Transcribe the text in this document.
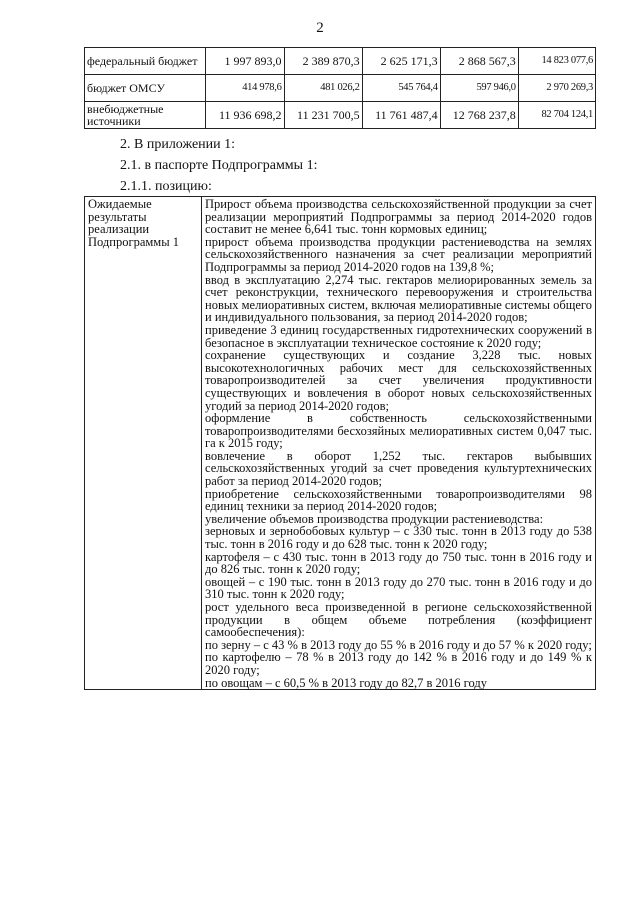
2
федеральный бюджет	1 997 893,0	2 389 870,3	2 625 171,3	2 868 567,3	14 823 077,6
бюджет ОМСУ	414 978,6	481 026,2	545 764,4	597 946,0	2 970 269,3
внебюджетные источники	11 936 698,2	11 231 700,5	11 761 487,4	12 768 237,8	82 704 124,1
2. В приложении 1:
2.1. в паспорте Подпрограммы 1:
2.1.1. позицию:
Ожидаемые результаты реализации Подпрограммы 1	

Прирост объема производства сельскохозяйственной продукции за счет реализации мероприятий Подпрограммы за период 2014-2020 годов составит не менее 6,641 тыс. тонн кормовых единиц;

прирост объема производства продукции растениеводства на землях сельскохозяйственного назначения за счет реализации мероприятий Подпрограммы за период 2014-2020 годов на 139,8 %;

ввод в эксплуатацию 2,274 тыс. гектаров мелиорированных земель за счет реконструкции, технического перевооружения и строительства новых мелиоративных систем, включая мелиоративные системы общего и индивидуального пользования, за период 2014-2020 годов;

приведение 3 единиц государственных гидротехнических сооружений в безопасное в эксплуатации техническое состояние к 2020 году;

сохранение существующих и создание 3,228 тыс. новых высокотехнологичных рабочих мест для сельскохозяйственных товаропроизводителей за счет увеличения продуктивности существующих и вовлечения в оборот новых сельскохозяйственных угодий за период 2014-2020 годов;

оформление в собственность сельскохозяйственными товаропроизводителями бесхозяйных мелиоративных систем 0,047 тыс. га к 2015 году;

вовлечение в оборот 1,252 тыс. гектаров выбывших сельскохозяйственных угодий за счет проведения культуртехнических работ за период 2014-2020 годов;

приобретение сельскохозяйственными товаропроизводителями 98 единиц техники за период 2014-2020 годов;

увеличение объемов производства продукции растениеводства:

зерновых и зернобобовых культур – с 330 тыс. тонн в 2013 году до 538 тыс. тонн в 2016 году и до 628 тыс. тонн к 2020 году;

картофеля – с 430 тыс. тонн в 2013 году до 750 тыс. тонн в 2016 году и до 826 тыс. тонн к 2020 году;

овощей – с 190 тыс. тонн в 2013 году до 270 тыс. тонн в 2016 году и до 310 тыс. тонн к 2020 году;

рост удельного веса произведенной в регионе сельскохозяйственной продукции в общем объеме потребления (коэффициент самообеспечения):

по зерну – с 43 % в 2013 году до 55 % в 2016 году и до 57 % к 2020 году;

по картофелю – 78 % в 2013 году до 142 % в 2016 году и до 149 % к 2020 году;

по овощам – с 60,5 % в 2013 году до 82,7 в 2016 году
